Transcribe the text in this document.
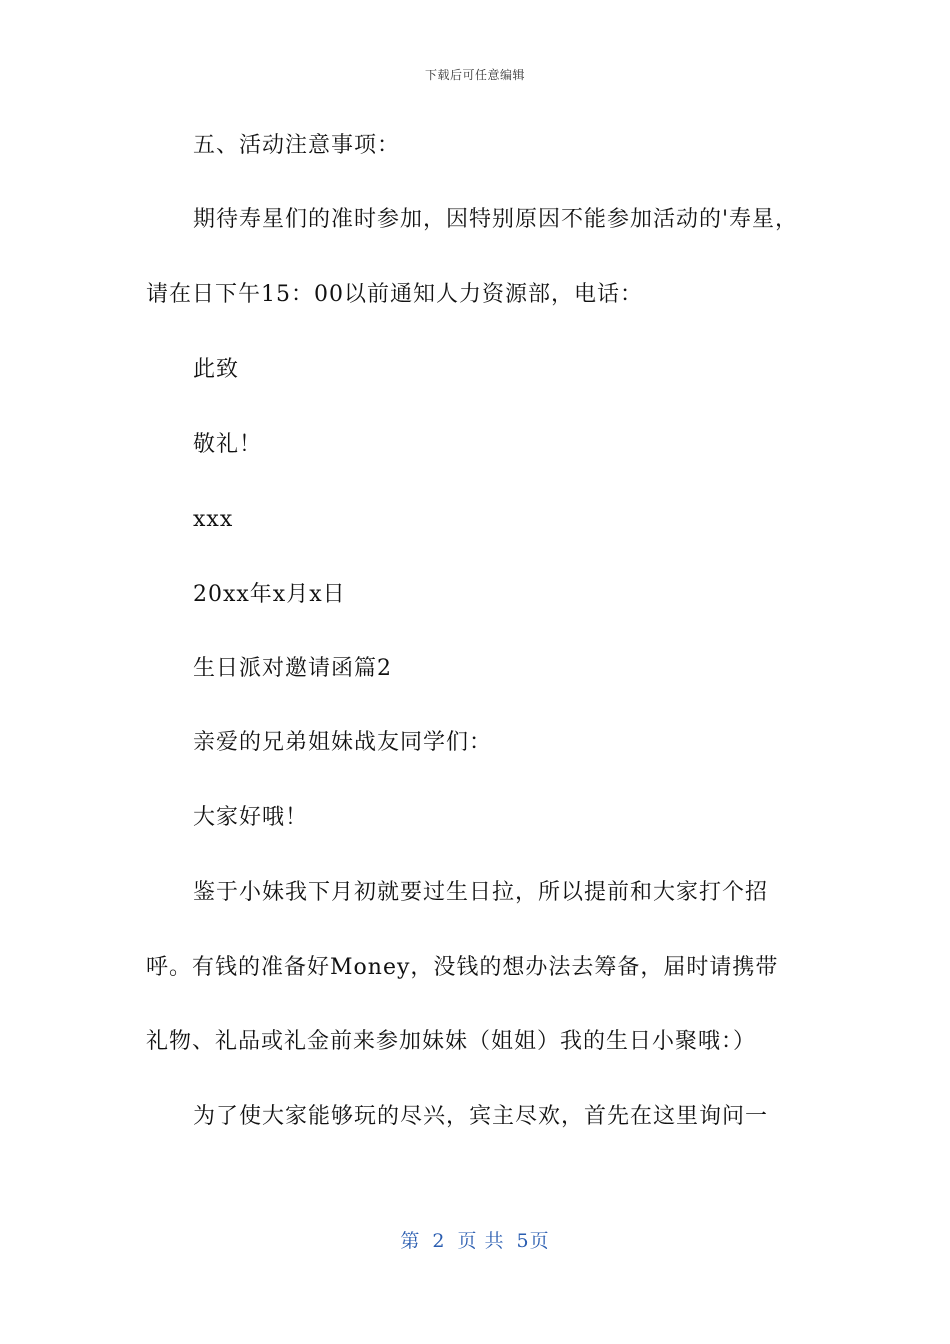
下载后可任意编辑
五、活动注意事项：
期待寿星们的准时参加，因特别原因不能参加活动的'寿星，
请在日下午15：00以前通知人力资源部，电话：
此致
敬礼！
xxx
20xx年x月x日
生日派对邀请函篇2
亲爱的兄弟姐妹战友同学们：
大家好哦！
鉴于小妹我下月初就要过生日拉，所以提前和大家打个招
呼。有钱的准备好Money，没钱的想办法去筹备，届时请携带
礼物、礼品或礼金前来参加妹妹（姐姐）我的生日小聚哦：）
为了使大家能够玩的尽兴，宾主尽欢，首先在这里询问一
第 2 页 共 5页
